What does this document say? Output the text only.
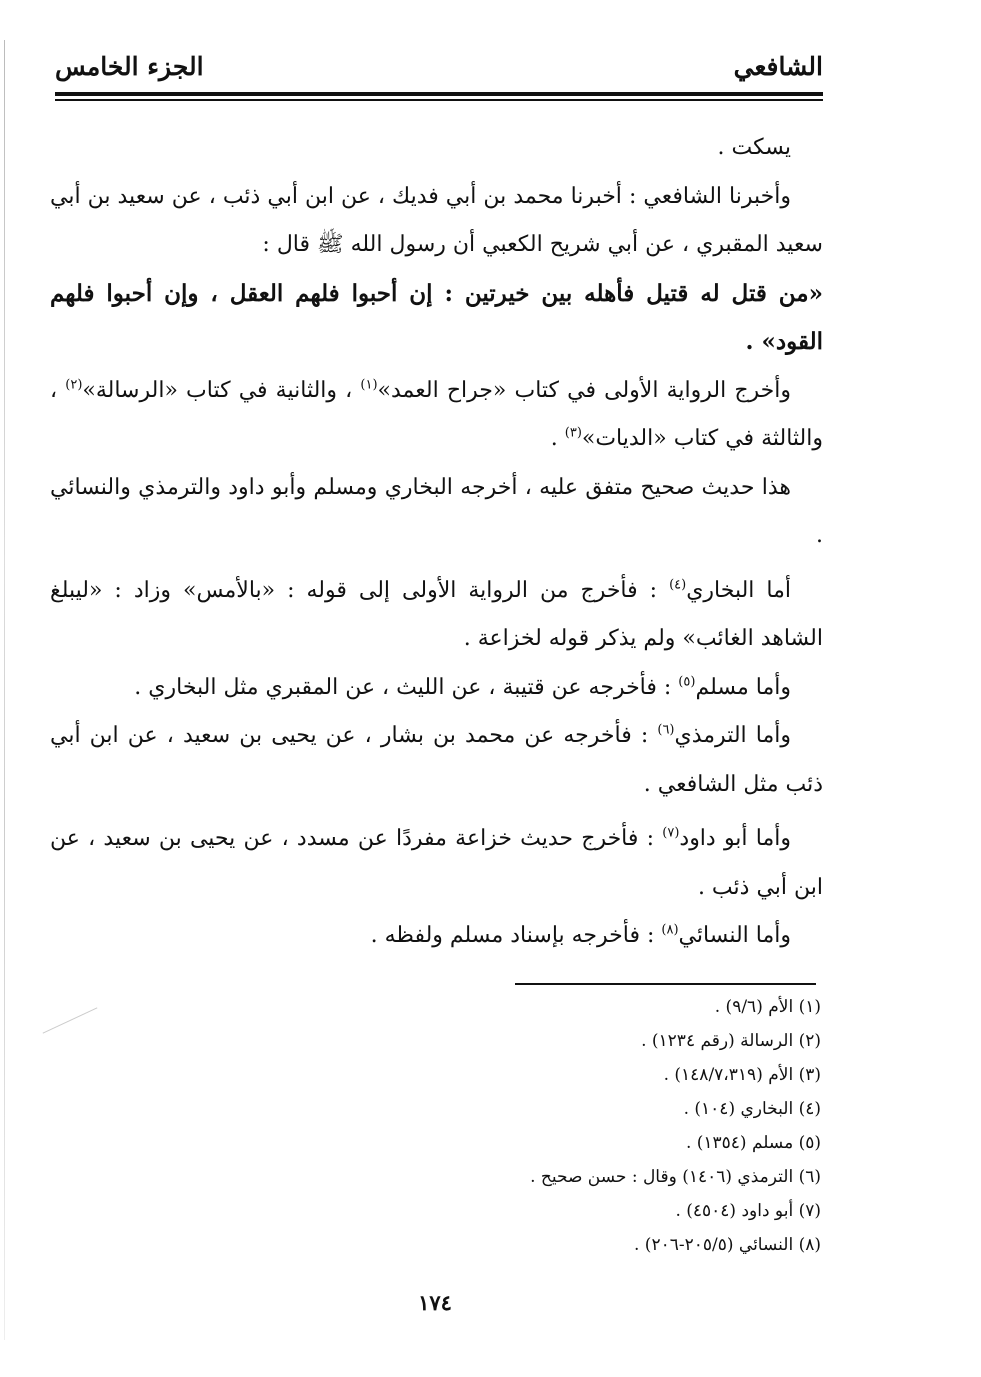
الشافعي
الجزء الخامس

يسكت .

وأخبرنا الشافعي : أخبرنا محمد بن أبي فديك ، عن ابن أبي ذئب ، عن سعيد بن أبي سعيد المقبري ، عن أبي شريح الكعبي أن رسول الله ﷺ قال :

«من قتل له قتيل فأهله بين خيرتين : إن أحبوا فلهم العقل ، وإن أحبوا فلهم القود» .

وأخرج الرواية الأولى في كتاب «جراح العمد»$^{(١)}$ ، والثانية في كتاب «الرسالة»$^{(٢)}$ ، والثالثة في كتاب «الديات»$^{(٣)}$ .

هذا حديث صحيح متفق عليه ، أخرجه البخاري ومسلم وأبو داود والترمذي والنسائي .

أما البخاري$^{(٤)}$ : فأخرج من الرواية الأولى إلى قوله : «بالأمس» وزاد : «ليبلغ الشاهد الغائب» ولم يذكر قوله لخزاعة .

وأما مسلم$^{(٥)}$ : فأخرجه عن قتيبة ، عن الليث ، عن المقبري مثل البخاري .

وأما الترمذي$^{(٦)}$ : فأخرجه عن محمد بن بشار ، عن يحيى بن سعيد ، عن ابن أبي ذئب مثل الشافعي .

وأما أبو داود$^{(٧)}$ : فأخرج حديث خزاعة مفردًا عن مسدد ، عن يحيى بن سعيد ، عن ابن أبي ذئب .

وأما النسائي$^{(٨)}$ : فأخرجه بإسناد مسلم ولفظه .

(١) الأم (٩/٦) .

(٢) الرسالة (رقم ١٢٣٤) .

(٣) الأم (١٤٨/٧،٣١٩) .

(٤) البخاري (١٠٤) .

(٥) مسلم (١٣٥٤) .

(٦) الترمذي (١٤٠٦) وقال : حسن صحيح .

(٧) أبو داود (٤٥٠٤) .

(٨) النسائي (٢٠٥/٥-٢٠٦) .

١٧٤
